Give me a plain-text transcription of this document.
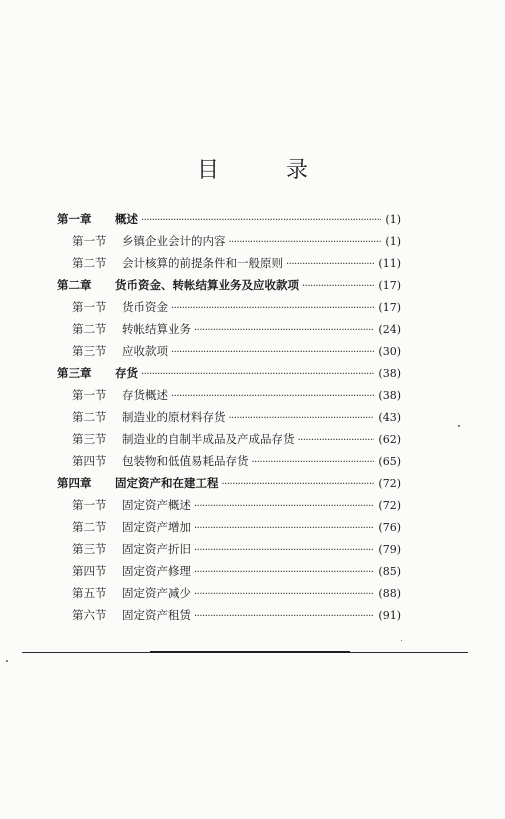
目 录
第一章	概述 ·····	(1)
第一节	乡镇企业会计的内容 ·····	(1)
第二节	会计核算的前提条件和一般原则 ·····	(11)
第二章	货币资金、转帐结算业务及应收款项 ·····	(17)
第一节	货币资金 ·····	(17)
第二节	转帐结算业务 ·····	(24)
第三节	应收款项 ·····	(30)
第三章	存货 ·····	(38)
第一节	存货概述 ·····	(38)
第二节	制造业的原材料存货 ·····	(43)
第三节	制造业的自制半成品及产成品存货 ·····	(62)
第四节	包装物和低值易耗品存货 ·····	(65)
第四章	固定资产和在建工程 ·····	(72)
第一节	固定资产概述 ·····	(72)
第二节	固定资产增加 ·····	(76)
第三节	固定资产折旧 ·····	(79)
第四节	固定资产修理 ·····	(85)
第五节	固定资产减少 ·····	(88)
第六节	固定资产租赁 ·····	(91)
